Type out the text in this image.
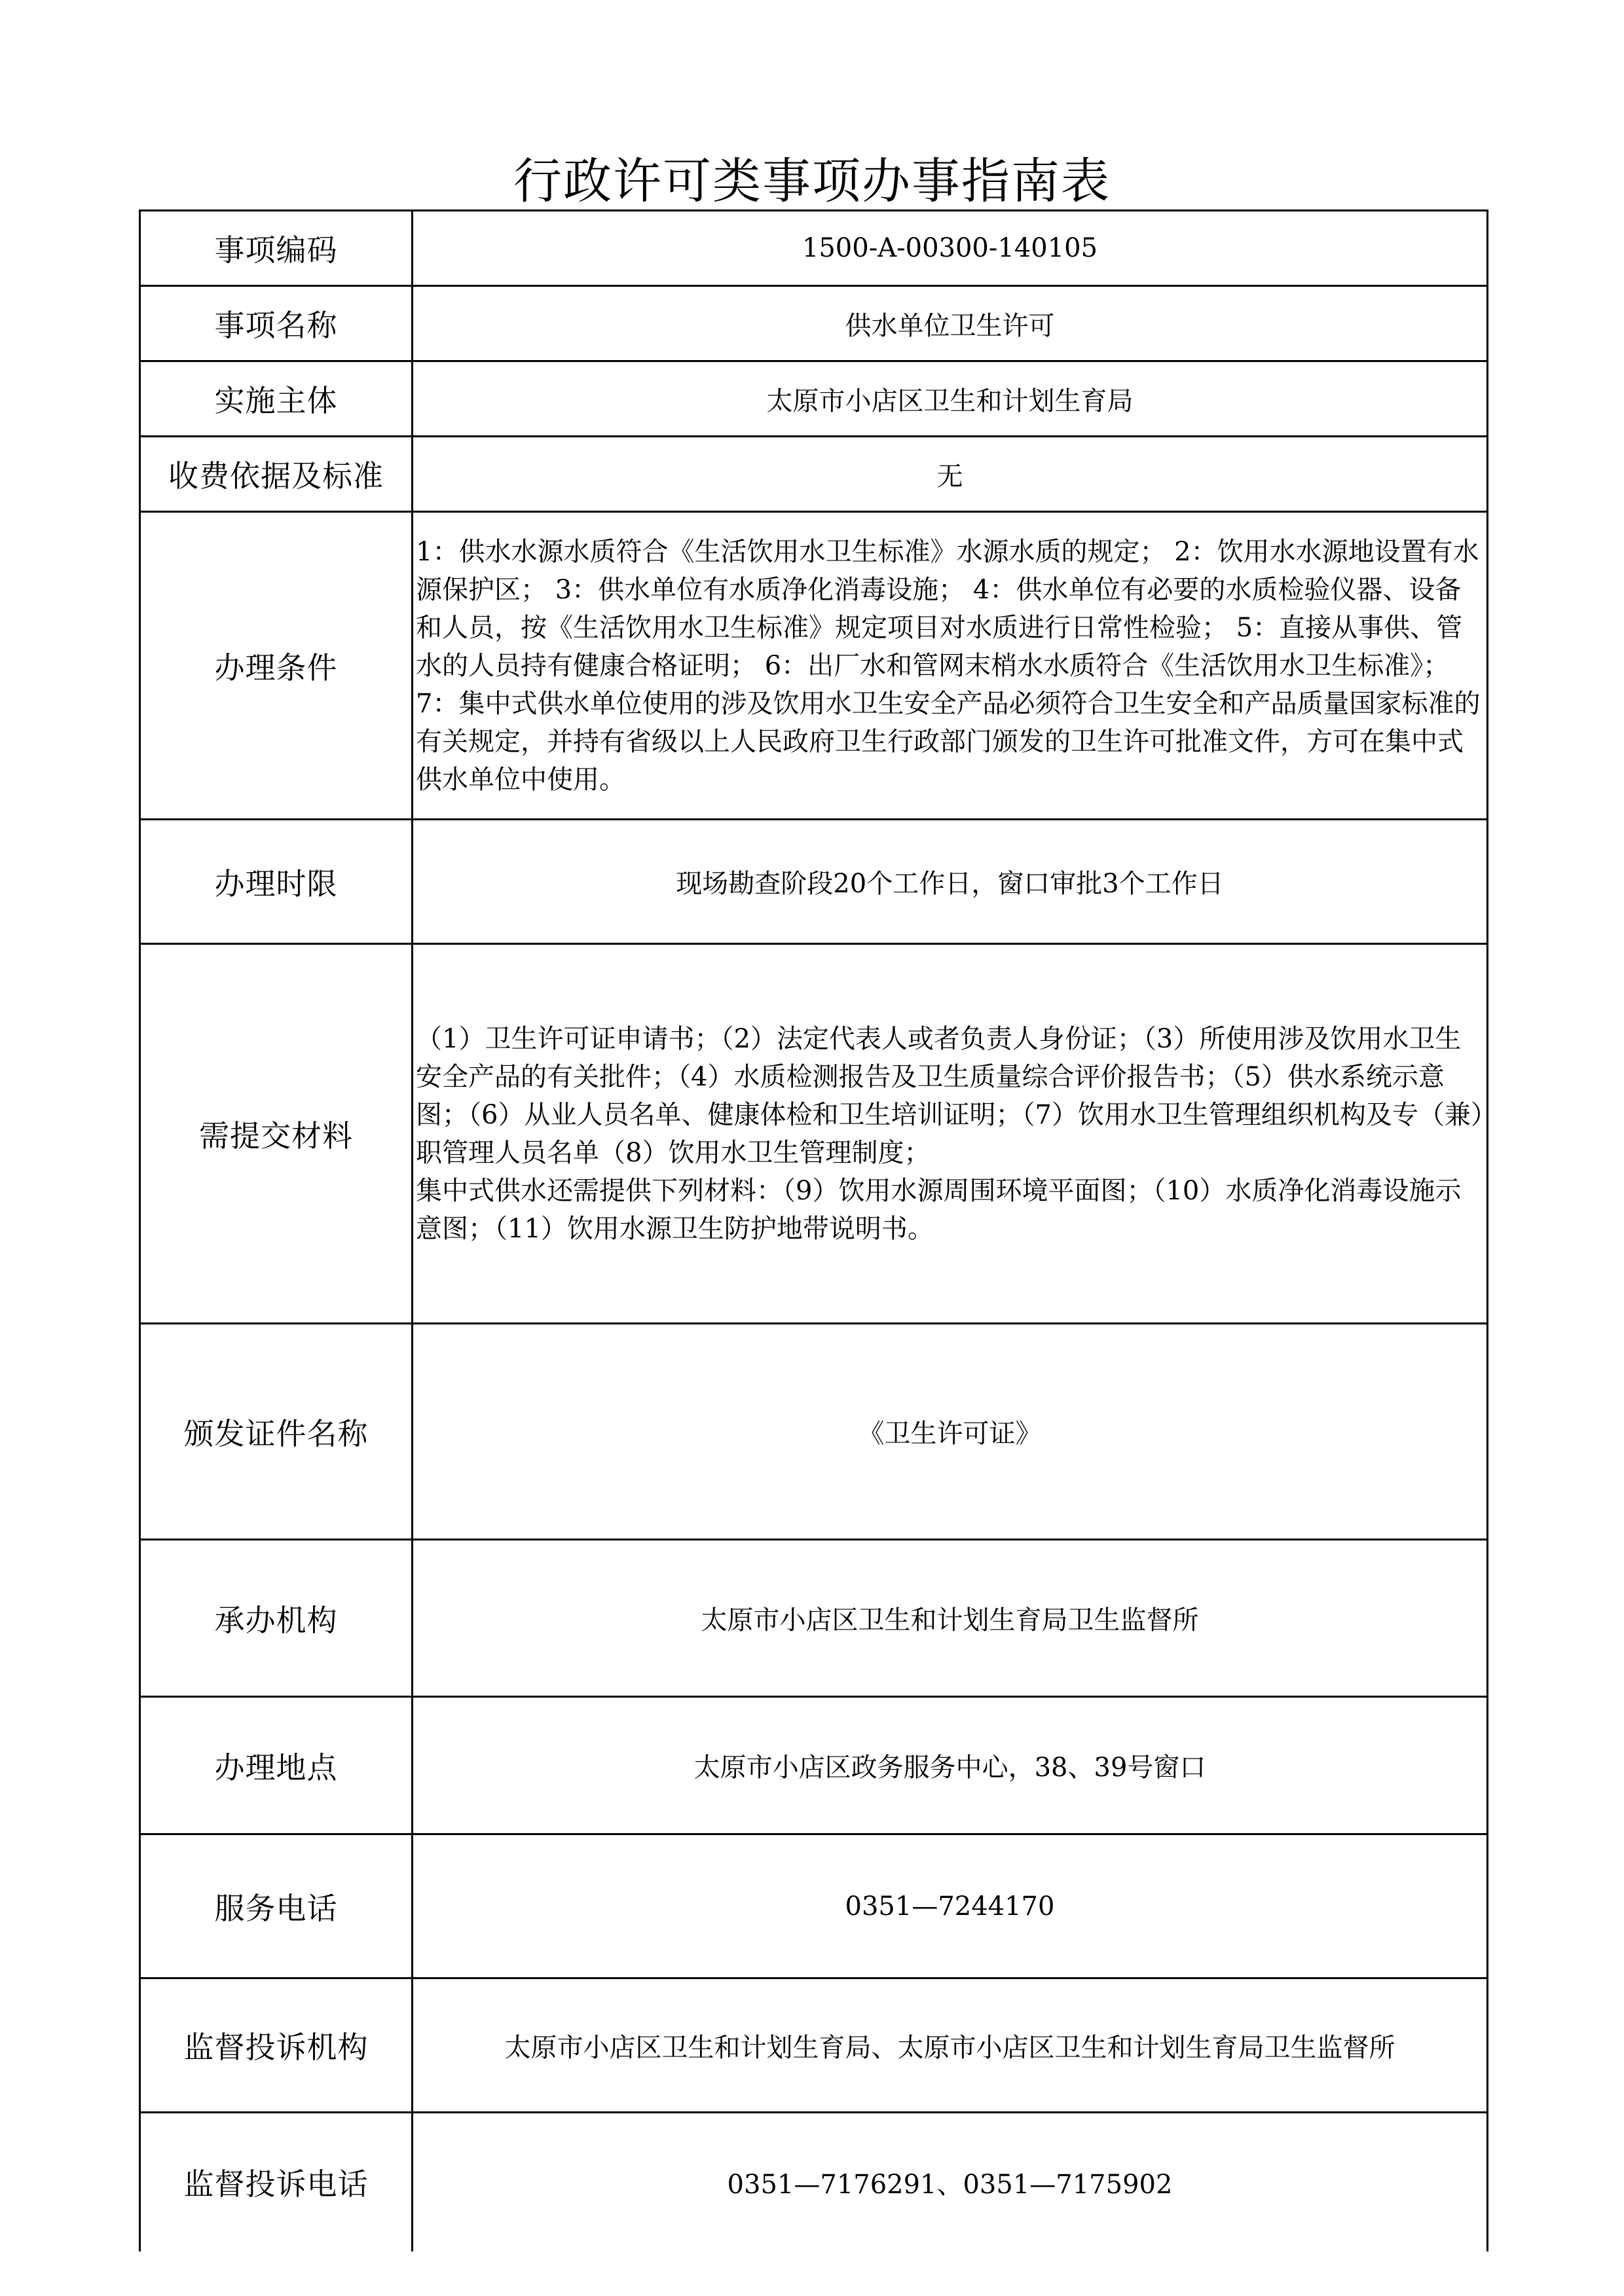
行政许可类事项办事指南表
事项编码	1500-A-00300-140105
事项名称	供水单位卫生许可
实施主体	太原市小店区卫生和计划生育局
收费依据及标准	无
办理条件	1：供水水源水质符合《生活饮用水卫生标准》水源水质的规定； 2：饮用水水源地设置有水源保护区； 3：供水单位有水质净化消毒设施； 4：供水单位有必要的水质检验仪器、设备和人员，按《生活饮用水卫生标准》规定项目对水质进行日常性检验； 5：直接从事供、管水的人员持有健康合格证明； 6：出厂水和管网末梢水水质符合《生活饮用水卫生标准》； 7：集中式供水单位使用的涉及饮用水卫生安全产品必须符合卫生安全和产品质量国家标准的有关规定，并持有省级以上人民政府卫生行政部门颁发的卫生许可批准文件，方可在集中式供水单位中使用。
办理时限	现场勘查阶段20个工作日，窗口审批3个工作日
需提交材料	（1）卫生许可证申请书；（2）法定代表人或者负责人身份证；（3）所使用涉及饮用水卫生安全产品的有关批件；（4）水质检测报告及卫生质量综合评价报告书；（5）供水系统示意图；（6）从业人员名单、健康体检和卫生培训证明；（7）饮用水卫生管理组织机构及专（兼）职管理人员名单（8）饮用水卫生管理制度；

集中式供水还需提供下列材料：（9）饮用水源周围环境平面图；（10）水质净化消毒设施示意图；（11）饮用水源卫生防护地带说明书。

颁发证件名称	《卫生许可证》
承办机构	太原市小店区卫生和计划生育局卫生监督所
办理地点	太原市小店区政务服务中心，38、39号窗口
服务电话	0351—7244170
监督投诉机构	太原市小店区卫生和计划生育局、太原市小店区卫生和计划生育局卫生监督所
监督投诉电话	0351—7176291、0351—7175902
